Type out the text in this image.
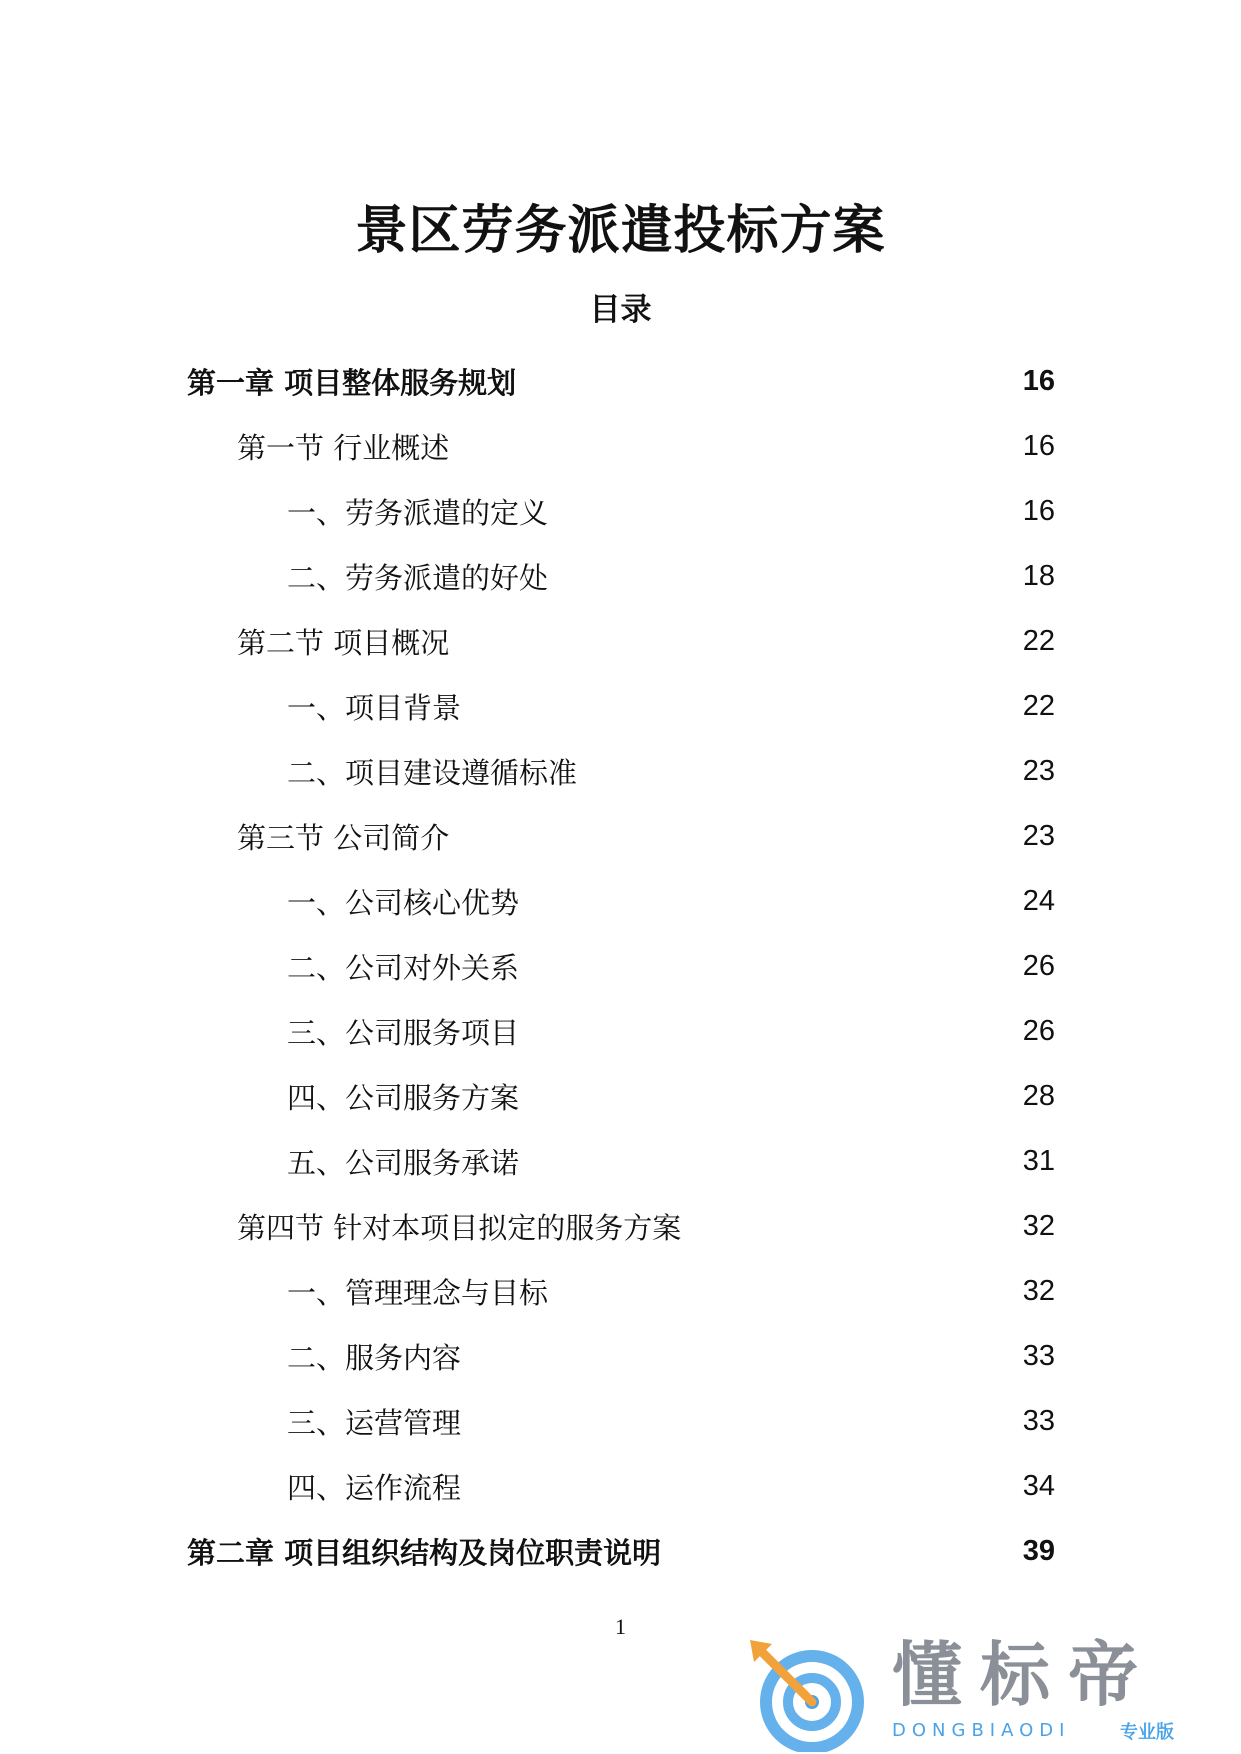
景区劳务派遣投标方案
目录
第一章 项目整体服务规划	16
第一节 行业概述	16
一、劳务派遣的定义	16
二、劳务派遣的好处	18
第二节 项目概况	22
一、项目背景	22
二、项目建设遵循标准	23
第三节 公司简介	23
一、公司核心优势	24
二、公司对外关系	26
三、公司服务项目	26
四、公司服务方案	28
五、公司服务承诺	31
第四节 针对本项目拟定的服务方案	32
一、管理理念与目标	32
二、服务内容	33
三、运营管理	33
四、运作流程	34
第二章 项目组织结构及岗位职责说明	39
1
懂标帝
DONGBIAODI	专业版
